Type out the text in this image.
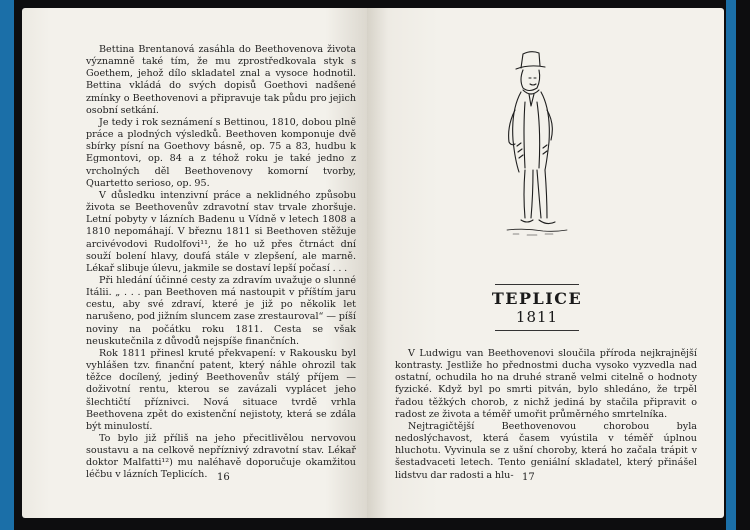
Bettina Brentanová zasáhla do Beethovenova života významně také tím, že mu zprostředkovala styk s Goethem, jehož dílo skladatel znal a vysoce hodnotil. Bettina vkládá do svých dopisů Goethovi nadšené zmínky o Beethovenovi a připravuje tak půdu pro jejich osobní setkání.

Je tedy i rok seznámení s Bettinou, 1810, dobou plně práce a plodných výsledků. Beethoven komponuje dvě sbírky písní na Goethovy básně, op. 75 a 83, hudbu k Egmontovi, op. 84 a z téhož roku je také jedno z vrcholných děl Beethovenovy komorní tvorby, Quartetto serioso, op. 95.

V důsledku intenzivní práce a neklidného způsobu života se Beethovenův zdravotní stav trvale zhoršuje. Letní pobyty v lázních Badenu u Vídně v letech 1808 a 1810 nepomáhají. V březnu 1811 si Beethoven stěžuje arcivévodovi Rudolfovi¹¹, že ho už přes čtrnáct dní souží bolení hlavy, doufá stále v zlepšení, ale marně. Lékař slibuje úlevu, jakmile se dostaví lepší počasí . . .

Při hledání účinné cesty za zdravím uvažuje o slunné Itálii. „ . . . pan Beethoven má nastoupit v příštím jaru cestu, aby své zdraví, které je již po několik let narušeno, pod jižním sluncem zase zrestauroval“ — píší noviny na počátku roku 1811. Cesta se však neuskutečnila z důvodů nejspíše finančních.

Rok 1811 přinesl kruté překvapení: v Rakousku byl vyhlášen tzv. finanční patent, který náhle ohrozil tak těžce docílený, jediný Beethovenův stálý příjem — doživotní rentu, kterou se zavázali vyplácet jeho šlechtičtí příznivci. Nová situace tvrdě vrhla Beethovena zpět do existenční nejistoty, která se zdála být minulostí.

To bylo již příliš na jeho přecitlivělou nervovou soustavu a na celkově nepříznivý zdravotní stav. Lékař doktor Malfatti¹²) mu naléhavě doporučuje okamžitou léčbu v lázních Teplicích. 16
TEPLICE
1811

V Ludwigu van Beethovenovi sloučila příroda nejkrajnější kontrasty. Jestliže ho přednostmi ducha vysoko vyzvedla nad ostatní, ochudila ho na druhé straně velmi citelně o hodnoty fyzické. Když byl po smrti pitván, bylo shledáno, že trpěl řadou těžkých chorob, z nichž jediná by stačila připravit o radost ze života a téměř umořit průměrného smrtelníka.

Nejtragičtější Beethovenovou chorobou byla nedoslýchavost, která časem vyústila v téměř úplnou hluchotu. Vyvinula se z ušní choroby, která ho začala trápit v šestadvaceti letech. Tento geniální skladatel, který přinášel lidstvu dar radosti a hlu- 17
